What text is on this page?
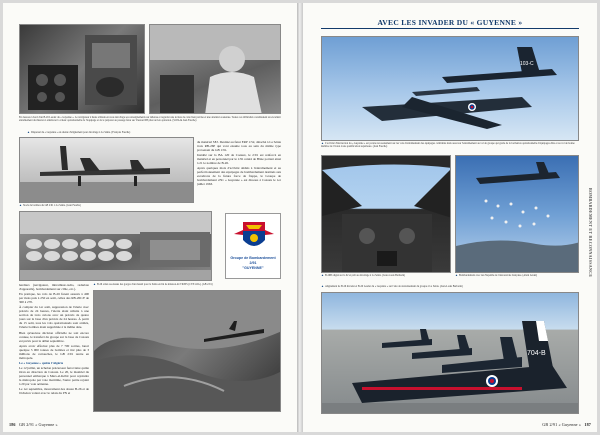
En dessous à bord d'un B-26 Leader du « Guyenne ». Le navigateur à haute altitude en nous décollage ses renseignements sur défense et regarder une lecture de carte bien précise et une attention soutenue. Toutes ces difficultés constituaient un excellent entraînement du mission à améliorer la valeur opérationnelle de l'équipage et de le préparer au passage futur sur Vautour IIB plus tard en opération. (SCPA & Jean Fauche)
▲Dispersal du « Guyenne » en attente d'alignement pour décollage à La Sénia. (François Fauche)
▲Stock de bombes du GB 2/91 à La Sénia. (Jean Fauche)
Groupe de Bombardement
2/91
"GUYENNE"

hardiers (navigateur, mitrailleur-radio, radariste d'appareils), bombardement sur cible, etc.).

En pratique, les vols de B-26 furent assurés à 400 par mois puis à 250 en août, celles des RB-26C/P de 300 à 270.

À compter du 1er août, suppression de l'alerte avec préavis de 24 heures, l'alerte étant réduite à une section de trois avions avec un préavis de quatre jours sur la base d'un préavis de 24 heures. À partir du 15 août, tous les vols opérationnels sont arrêtés, l'alerte bombes étant supprimée à la même date.

Bien qu'aucune décision officielle ne soit encore connue, le transfert du groupe sur la base de Cazaux est prévu pour le début septembre.

Après avoir effectué plus de 7 700 sorties, lancé quelque 5 000 tonnes de bombes et tiré plus de 3 millions de cartouches, le GB 2/91 rentre en métropole.

Le « Guyenne » quitte l'Algérie

Le 12 juillet, un échelon précurseur ferroviaire quitte Oran en direction de Cazaux. Le 20, le matériel du personnel embarque à Mers-el-Kébir pour rejoindre la métropole par voie maritime, l'autre partie rejoint à 20 par voie aérienne.

Le 1er septembre, mouvement des douze B-26 et de l'échelon volant avec le relais du PN et

du matériel SEJ. Destiné au futur ERP 1/52, détaché à La Sénia trois RB-26P qui vont ensuite tous au sein du même type provenant du GB 1/91.

Installé sur la BA 120 de Cazaux, le 2/91 est renforcé en matériel et en personnel par le 1/91 rentré de Bône portant ainsi à 21 le nombre de B-26.

Après quelques mois d'activité dédiés à l'entraînement et au perfectionnement des équipages de bombardement destinés aux escadrons de la future force de frappe, le Groupe de bombardement 2/91 « Guyenne » est dissous à Cazaux le 1er juillet 1963.

▲B-26 ornés au-dessus des gorges d'un massif pour la Sénia en fin de mission ACTIONS (CTP LOG). (GB 2/91)
186 GB 2/91 « Guyenne »
AVEC LES INVADER DU « GUYENNE »
103-C
▲L'activité d'instruction du « Guyenne » est portée non seulement sur les vols d'entraînement des équipages confirmés mais aussi sur l'entraînement au vol de groupe qui garde de la formation opérationnelle d'équipages élite et au vol de bonne maîtrise de l'avion à une qualification supérieure. (Jean Fauche)
▲B-26B aligné sur la 02 et prêt au décollage à La Sénia. (Jean-Louis Barbarin)	▲Bombardement avec des Napalms de l'Aéronavale française. (Alain Léalet)
704-B
▲Alignement de B-26 Invader et B-26 Leader du « Guyenne » sur l'aire de stationnement du groupe à La Sénia. (Jean-Louis Barbarin)
BOMBARDEMENT ET RECONNAISSANCE
GB 2/91 « Guyenne » 187
